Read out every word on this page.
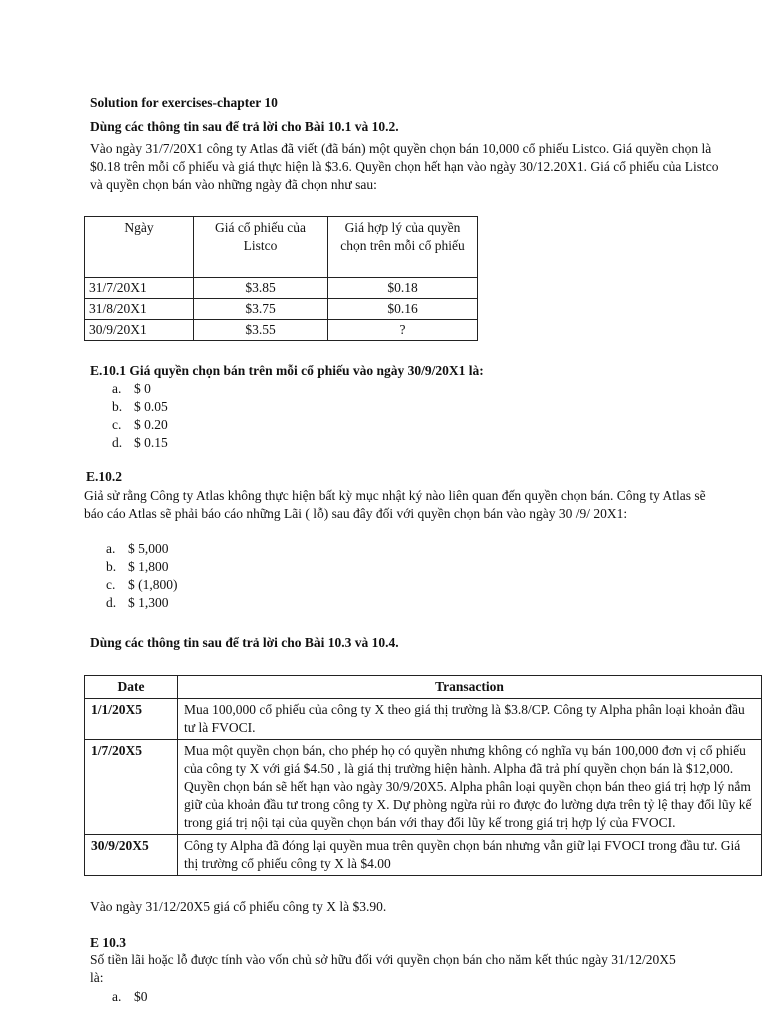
Solution for exercises-chapter 10
Dùng các thông tin sau để trả lời cho Bài 10.1 và 10.2.
Vào ngày 31/7/20X1 công ty Atlas đã viết (đã bán) một quyền chọn bán 10,000 cổ phiếu Listco. Giá quyền chọn là $0.18 trên mỗi cổ phiếu và giá thực hiện là $3.6. Quyền chọn hết hạn vào ngày 30/12.20X1. Giá cổ phiếu của Listco và quyền chọn bán vào những ngày đã chọn như sau:
Ngày	Giá cổ phiếu của Listco	Giá hợp lý của quyền chọn trên mỗi cổ phiếu
31/7/20X1	$3.85	$0.18
31/8/20X1	$3.75	$0.16
30/9/20X1	$3.55	?
E.10.1 Giá quyền chọn bán trên mỗi cổ phiếu vào ngày 30/9/20X1 là:
a. $ 0
b. $ 0.05
c. $ 0.20
d. $ 0.15
E.10.2
Giả sử rằng Công ty Atlas không thực hiện bất kỳ mục nhật ký nào liên quan đến quyền chọn bán. Công ty Atlas sẽ báo cáo Atlas sẽ phải báo cáo những Lãi ( lỗ) sau đây đối với quyền chọn bán vào ngày 30 /9/ 20X1:
a. $ 5,000
b. $ 1,800
c. $ (1,800)
d. $ 1,300
Dùng các thông tin sau để trả lời cho Bài 10.3 và 10.4.
Date	Transaction
1/1/20X5	Mua 100,000 cổ phiếu của công ty X theo giá thị trường là $3.8/CP. Công ty Alpha phân loại khoản đầu tư là FVOCI.
1/7/20X5	Mua một quyền chọn bán, cho phép họ có quyền nhưng không có nghĩa vụ bán 100,000 đơn vị cổ phiếu của công ty X với giá $4.50 , là giá thị trường hiện hành. Alpha đã trả phí quyền chọn bán là $12,000. Quyền chọn bán sẽ hết hạn vào ngày 30/9/20X5. Alpha phân loại quyền chọn bán theo giá trị hợp lý nắm giữ của khoản đầu tư trong công ty X. Dự phòng ngừa rủi ro được đo lường dựa trên tỷ lệ thay đổi lũy kế trong giá trị nội tại của quyền chọn bán với thay đổi lũy kế trong giá trị hợp lý của FVOCI.
30/9/20X5	Công ty Alpha đã đóng lại quyền mua trên quyền chọn bán nhưng vẫn giữ lại FVOCI trong đầu tư. Giá thị trường cổ phiếu công ty X là $4.00
Vào ngày 31/12/20X5 giá cổ phiếu công ty X là $3.90.
E 10.3
Số tiền lãi hoặc lỗ được tính vào vốn chủ sở hữu đối với quyền chọn bán cho năm kết thúc ngày 31/12/20X5 là:
a. $0
